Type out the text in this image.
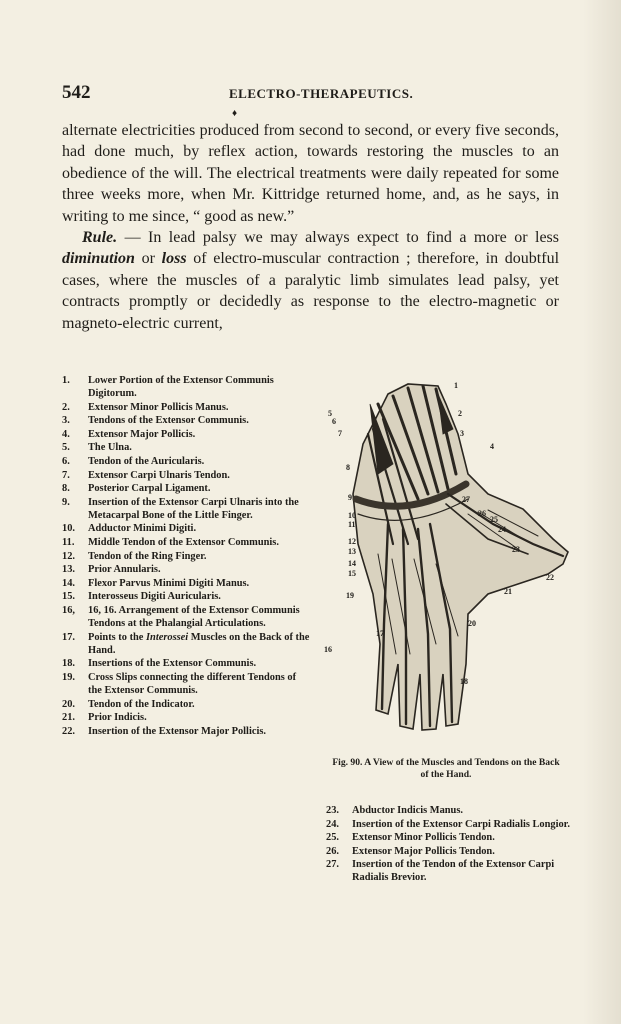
542	ELECTRO-THERAPEUTICS.
♦

alternate electricities produced from second to second, or every five seconds, had done much, by reflex action, towards restoring the muscles to an obedience of the will. The electrical treatments were daily repeated for some three weeks more, when Mr. Kittridge returned home, and, as he says, in writing to me since, “ good as new.”

Rule. — In lead palsy we may always expect to find a more or less diminution or loss of electro-muscular contraction ; therefore, in doubtful cases, where the muscles of a paralytic limb simulates lead palsy, yet contracts promptly or decidedly as response to the electro-magnetic or magneto-electric current,

1.	Lower Portion of the Extensor Communis Digitorum.
2.	Extensor Minor Pollicis Manus.
3.	Tendons of the Extensor Communis.
4.	Extensor Major Pollicis.
5.	The Ulna.
6.	Tendon of the Auricularis.
7.	Extensor Carpi Ulnaris Tendon.
8.	Posterior Carpal Ligament.
9.	Insertion of the Extensor Carpi Ulnaris into the Metacarpal Bone of the Little Finger.
10.	Adductor Minimi Digiti.
11.	Middle Tendon of the Extensor Communis.
12.	Tendon of the Ring Finger.
13.	Prior Annularis.
14.	Flexor Parvus Minimi Digiti Manus.
15.	Interosseus Digiti Auricularis.
16,	16, 16. Arrangement of the Extensor Communis Tendons at the Phalangial Articulations.
17.	Points to the Interossei Muscles on the Back of the Hand.
18.	Insertions of the Extensor Communis.
19.	Cross Slips connecting the different Tendons of the Extensor Communis.
20.	Tendon of the Indicator.
21.	Prior Indicis.
22.	Insertion of the Extensor Major Pollicis.
1
2
3
4
5
6
7
8
9
10
11
12
13
14
15
16
17
18
19
20
21
22
23
24
25
26
27
Fig. 90. A View of the Muscles and Tendons on the Back of the Hand.
23.	Abductor Indicis Manus.
24.	Insertion of the Extensor Carpi Radialis Longior.
25.	Extensor Minor Pollicis Tendon.
26.	Extensor Major Pollicis Tendon.
27.	Insertion of the Tendon of the Extensor Carpi Radialis Brevior.
